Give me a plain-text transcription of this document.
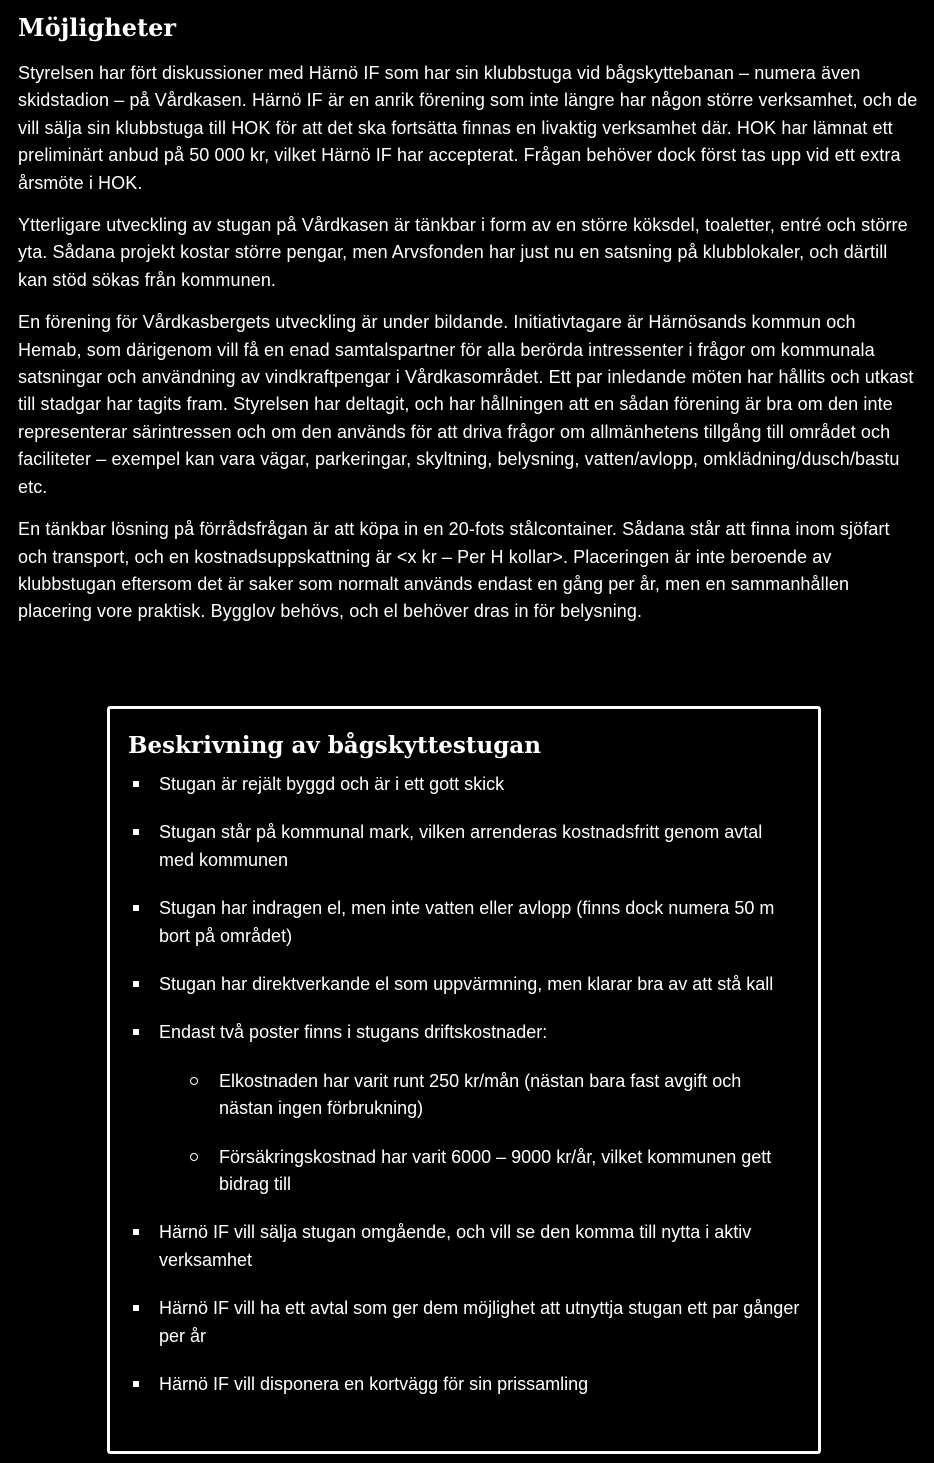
Möjligheter

Styrelsen har fört diskussioner med Härnö IF som har sin klubbstuga vid bågskyttebanan – numera även skidstadion – på Vårdkasen. Härnö IF är en anrik förening som inte längre har någon större verksamhet, och de vill sälja sin klubbstuga till HOK för att det ska fortsätta finnas en livaktig verksamhet där. HOK har lämnat ett preliminärt anbud på 50 000 kr, vilket Härnö IF har accepterat. Frågan behöver dock först tas upp vid ett extra årsmöte i HOK.

Ytterligare utveckling av stugan på Vårdkasen är tänkbar i form av en större köksdel, toaletter, entré och större yta. Sådana projekt kostar större pengar, men Arvsfonden har just nu en satsning på klubblokaler, och därtill kan stöd sökas från kommunen.

En förening för Vårdkasbergets utveckling är under bildande. Initiativtagare är Härnösands kommun och Hemab, som därigenom vill få en enad samtalspartner för alla berörda intressenter i frågor om kommunala satsningar och användning av vindkraftpengar i Vårdkasområdet. Ett par inledande möten har hållits och utkast till stadgar har tagits fram. Styrelsen har deltagit, och har hållningen att en sådan förening är bra om den inte representerar särintressen och om den används för att driva frågor om allmänhetens tillgång till området och faciliteter – exempel kan vara vägar, parkeringar, skyltning, belysning, vatten/avlopp, omklädning/dusch/bastu etc.

En tänkbar lösning på förrådsfrågan är att köpa in en 20-fots stålcontainer. Sådana står att finna inom sjöfart och transport, och en kostnadsuppskattning är <x kr – Per H kollar>. Placeringen är inte beroende av klubbstugan eftersom det är saker som normalt används endast en gång per år, men en sammanhållen placering vore praktisk. Bygglov behövs, och el behöver dras in för belysning.

Beskrivning av bågskyttestugan
Stugan är rejält byggd och är i ett gott skick
Stugan står på kommunal mark, vilken arrenderas kostnadsfritt genom avtal med kommunen
Stugan har indragen el, men inte vatten eller avlopp (finns dock numera 50 m bort på området)
Stugan har direktverkande el som uppvärmning, men klarar bra av att stå kall
Endast två poster finns i stugans driftskostnader:
Elkostnaden har varit runt 250 kr/mån (nästan bara fast avgift och nästan ingen förbrukning)
Försäkringskostnad har varit 6000 – 9000 kr/år, vilket kommunen gett bidrag till
Härnö IF vill sälja stugan omgående, och vill se den komma till nytta i aktiv verksamhet
Härnö IF vill ha ett avtal som ger dem möjlighet att utnyttja stugan ett par gånger per år
Härnö IF vill disponera en kortvägg för sin prissamling
